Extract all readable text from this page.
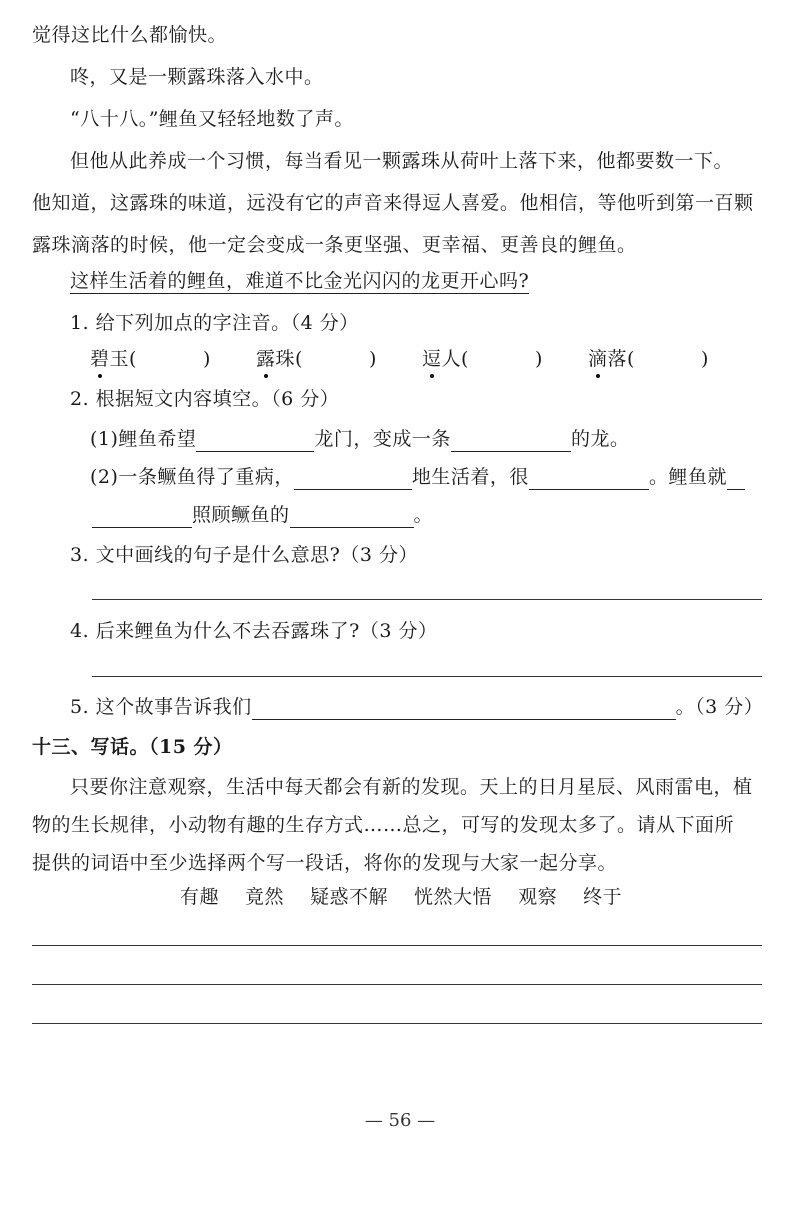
觉得这比什么都愉快。
咚，又是一颗露珠落入水中。
“八十八。”鲤鱼又轻轻地数了声。
但他从此养成一个习惯，每当看见一颗露珠从荷叶上落下来，他都要数一下。
他知道，这露珠的味道，远没有它的声音来得逗人喜爱。他相信，等他听到第一百颗
露珠滴落的时候，他一定会变成一条更坚强、更幸福、更善良的鲤鱼。
这样生活着的鲤鱼，难道不比金光闪闪的龙更开心吗?
1. 给下列加点的字注音。（4 分）
碧玉(	) 露珠(	) 逗人(	) 滴落(	)
2. 根据短文内容填空。（6 分）
(1)鲤鱼希望	龙门，变成一条	的龙。
(2)一条鳜鱼得了重病，	地生活着，很	。鲤鱼就
照顾鳜鱼的	。
3. 文中画线的句子是什么意思?（3 分）
4. 后来鲤鱼为什么不去吞露珠了?（3 分）
5. 这个故事告诉我们	。（3 分）
十三、写话。（15 分）
只要你注意观察，生活中每天都会有新的发现。天上的日月星辰、风雨雷电，植
物的生长规律，小动物有趣的生存方式……总之，可写的发现太多了。请从下面所
提供的词语中至少选择两个写一段话，将你的发现与大家一起分享。
有趣 竟然 疑惑不解 恍然大悟 观察 终于
— 56 —
